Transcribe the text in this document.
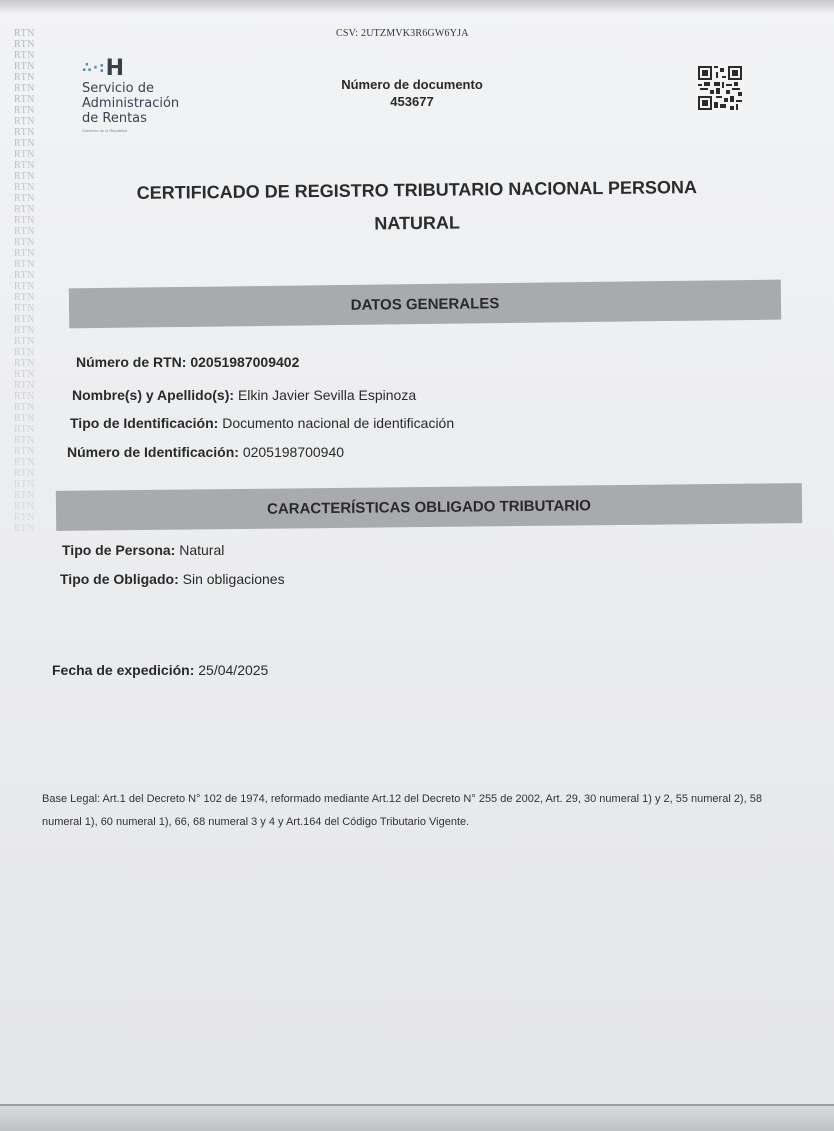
RTN
RTN
RTN
RTN
RTN
RTN
RTN
RTN
RTN
RTN
RTN
RTN
RTN
RTN
RTN
RTN
RTN
RTN
RTN
RTN
RTN
RTN
RTN
RTN
RTN
RTN
RTN
RTN
RTN
RTN
RTN
RTN
RTN
RTN
RTN
RTN
RTN
RTN
RTN
RTN
RTN
RTN
RTN
RTN
RTN
RTN
CSV: 2UTZMVK3R6GW6YJA
∴·:H
Servicio de
Administración
de Rentas
Gobierno de la República
Número de documento
453677
CERTIFICADO DE REGISTRO TRIBUTARIO NACIONAL PERSONA NATURAL
DATOS GENERALES
Número de RTN: 02051987009402
Nombre(s) y Apellido(s): Elkin Javier Sevilla Espinoza
Tipo de Identificación: Documento nacional de identificación
Número de Identificación: 0205198700940
CARACTERÍSTICAS OBLIGADO TRIBUTARIO
Tipo de Persona: Natural
Tipo de Obligado: Sin obligaciones
Fecha de expedición: 25/04/2025
Base Legal: Art.1 del Decreto N° 102 de 1974, reformado mediante Art.12 del Decreto N° 255 de 2002, Art. 29, 30 numeral 1) y 2, 55 numeral 2), 58 numeral 1), 60 numeral 1), 66, 68 numeral 3 y 4 y Art.164 del Código Tributario Vigente.
